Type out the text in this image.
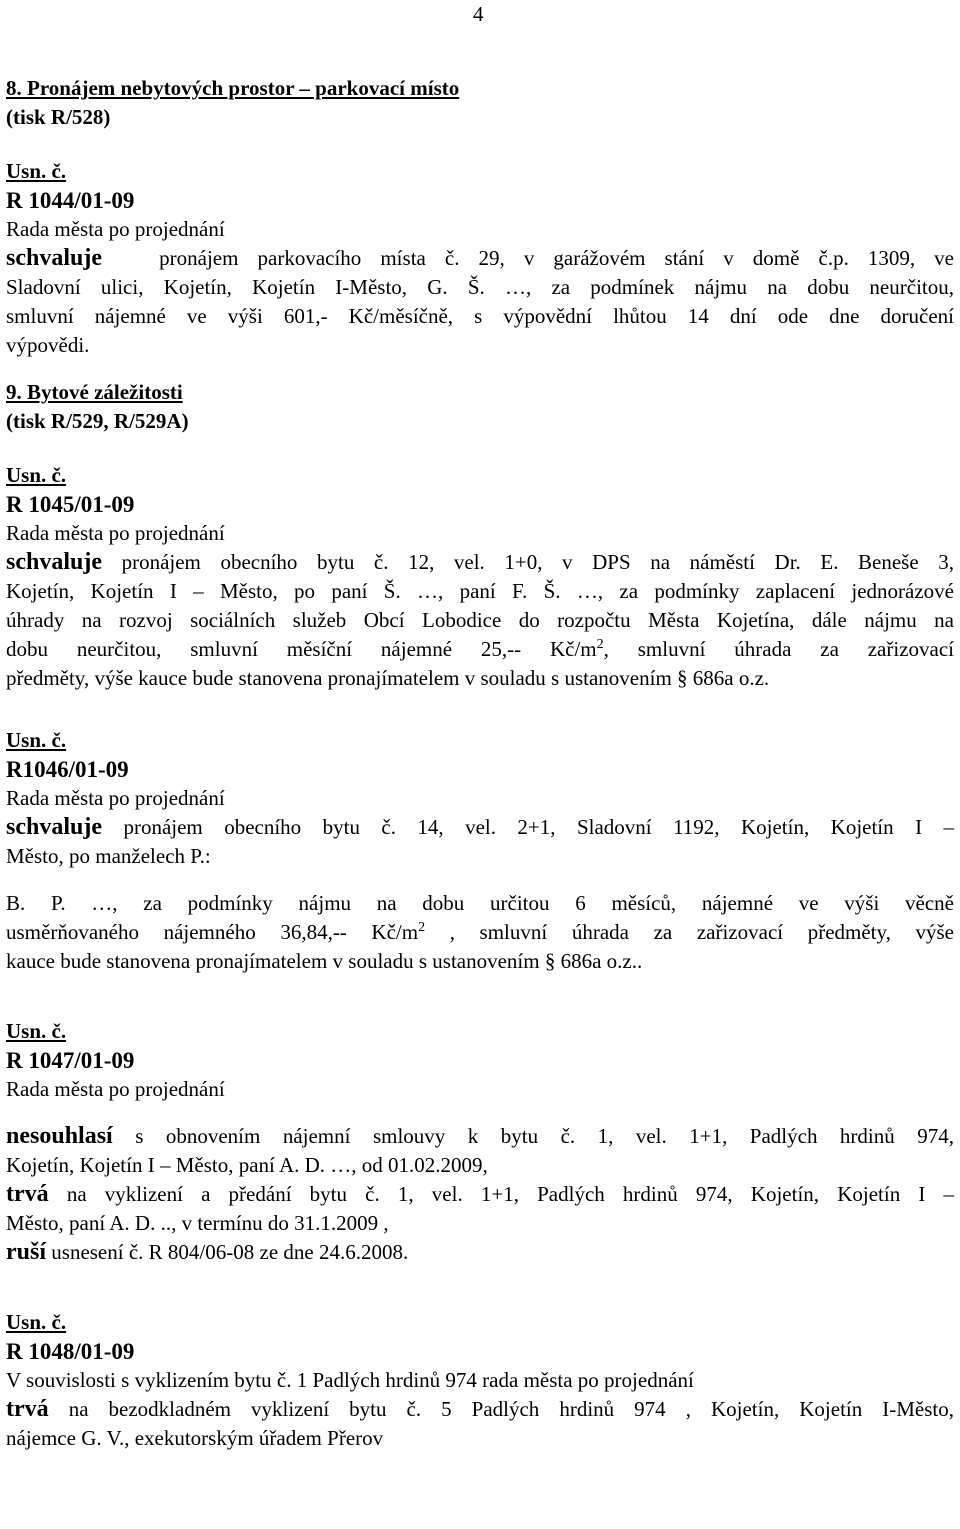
4
8. Pronájem nebytových prostor – parkovací místo
(tisk R/528)
Usn. č.
R 1044/01-09
Rada města po projednání
schvaluje	pronájem parkovacího místa č. 29, v garážovém stání v domě č.p. 1309, ve
Sladovní ulici, Kojetín, Kojetín I-Město, G. Š. …, za podmínek nájmu na dobu neurčitou,
smluvní nájemné ve výši 601,- Kč/měsíčně, s výpovědní lhůtou 14 dní ode dne doručení
výpovědi.
9. Bytové záležitosti
(tisk R/529, R/529A)
Usn. č.
R 1045/01-09
Rada města po projednání
schvaluje pronájem obecního bytu č. 12, vel. 1+0, v DPS na náměstí Dr. E. Beneše 3,
Kojetín, Kojetín I – Město, po paní Š. …, paní F. Š. …, za podmínky zaplacení jednorázové
úhrady na rozvoj sociálních služeb Obcí Lobodice do rozpočtu Města Kojetína, dále nájmu na
dobu neurčitou, smluvní měsíční nájemné 25,-- $Kč/m^2$, smluvní úhrada za zařizovací
předměty, výše kauce bude stanovena pronajímatelem v souladu s ustanovením § 686a o.z.
Usn. č.
R1046/01-09
Rada města po projednání
schvaluje pronájem obecního bytu č. 14, vel. 2+1, Sladovní 1192, Kojetín, Kojetín I –
Město, po manželech P.:
B. P. …, za podmínky nájmu na dobu určitou 6 měsíců, nájemné ve výši věcně
usměrňovaného nájemného 36,84,-- $Kč/m^2$ , smluvní úhrada za zařizovací předměty, výše
kauce bude stanovena pronajímatelem v souladu s ustanovením § 686a o.z..
Usn. č.
R 1047/01-09
Rada města po projednání
nesouhlasí s obnovením nájemní smlouvy k bytu č. 1, vel. 1+1, Padlých hrdinů 974,
Kojetín, Kojetín I – Město, paní A. D. …, od 01.02.2009,
trvá na vyklizení a předání bytu č. 1, vel. 1+1, Padlých hrdinů 974, Kojetín, Kojetín I –
Město, paní A. D. .., v termínu do 31.1.2009 ,
ruší usnesení č. R 804/06-08 ze dne 24.6.2008.
Usn. č.
R 1048/01-09
V souvislosti s vyklizením bytu č. 1 Padlých hrdinů 974 rada města po projednání
trvá na bezodkladném vyklizení bytu č. 5 Padlých hrdinů 974 , Kojetín, Kojetín I-Město,
nájemce G. V., exekutorským úřadem Přerov
